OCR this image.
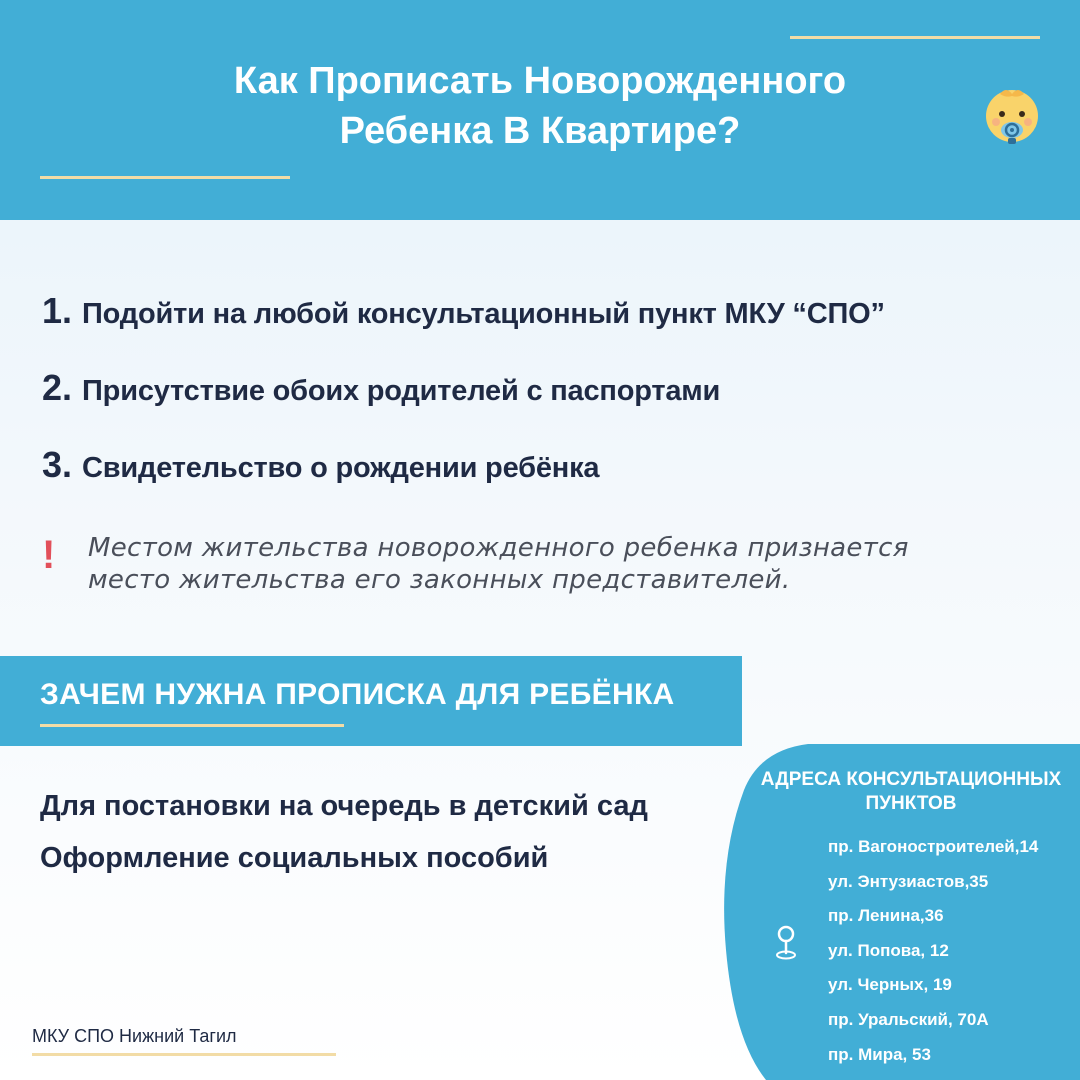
Как Прописать Новорожденного
Ребенка В Квартире?
1. Подойти на любой консультационный пункт МКУ “СПО”
2. Присутствие обоих родителей с паспортами
3. Свидетельство о рождении ребёнка
!	Местом жительства новорожденного ребенка признается
место жительства его законных представителей.
ЗАЧЕМ НУЖНА ПРОПИСКА ДЛЯ РЕБЁНКА
Для постановки на очередь в детский сад
Оформление социальных пособий
АДРЕСА КОНСУЛЬТАЦИОННЫХ
ПУНКТОВ
пр. Вагоностроителей,14
ул. Энтузиастов,35
пр. Ленина,36
ул. Попова, 12
ул. Черных, 19
пр. Уральский, 70А
пр. Мира, 53
МКУ СПО Нижний Тагил
